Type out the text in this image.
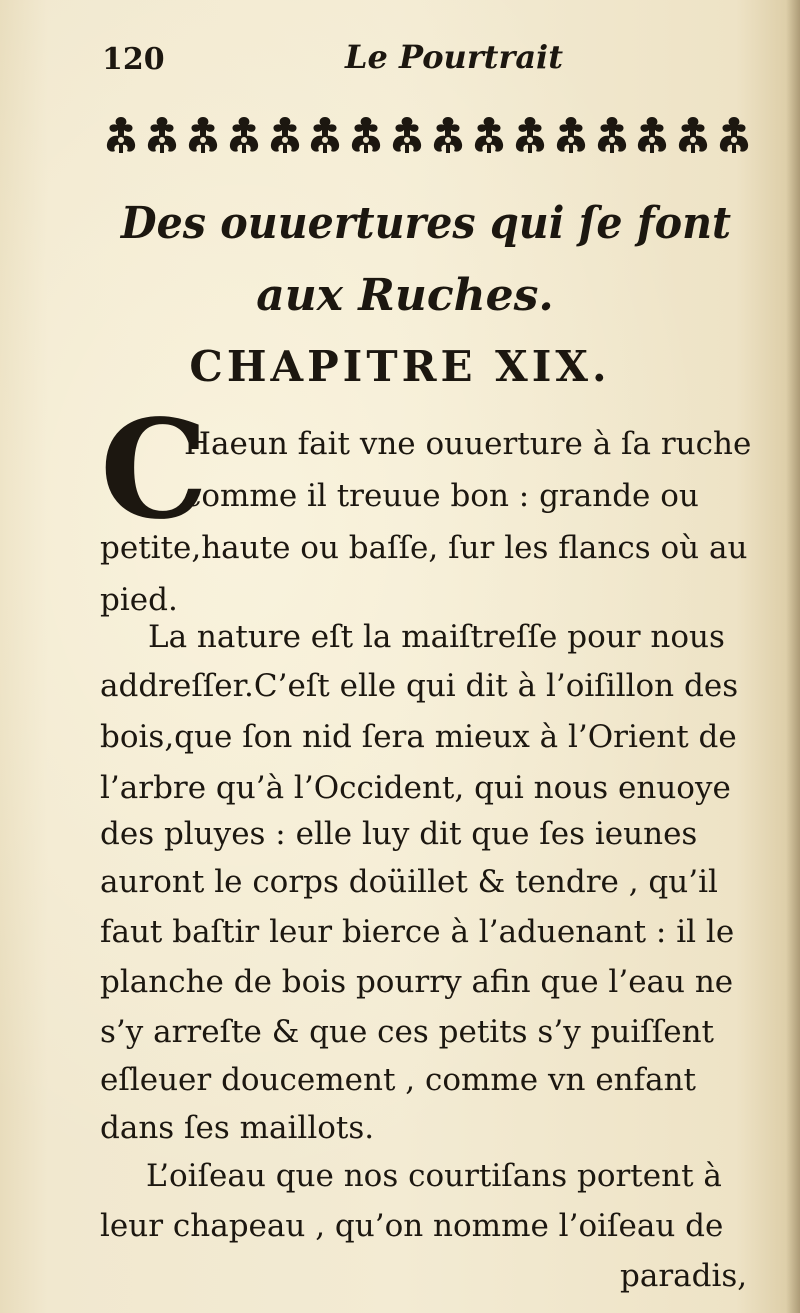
120	Le Pourtrait
Des ouuertures qui ſe font
aux Ruches.
CHAPITRE XIX.
C
Haeun fait vne ouuerture à ſa ruche
comme il treuue bon : grande ou
petite,haute ou baſſe, ſur les flancs où au
pied.
La nature eſt la maiſtreſſe pour nous
addreſſer.C’eſt elle qui dit à l’oiſillon des
bois,que ſon nid ſera mieux à l’Orient de
l’arbre qu’à l’Occident, qui nous enuoye
des pluyes : elle luy dit que ſes ieunes
auront le corps doüillet & tendre , qu’il
faut baſtir leur bierce à l’aduenant : il le
planche de bois pourry afin que l’eau ne
s’y arreſte & que ces petits s’y puiſſent
eſleuer doucement , comme vn enfant
dans ſes maillots.
L’oiſeau que nos courtiſans portent à
leur chapeau , qu’on nomme l’oiſeau de
paradis,
